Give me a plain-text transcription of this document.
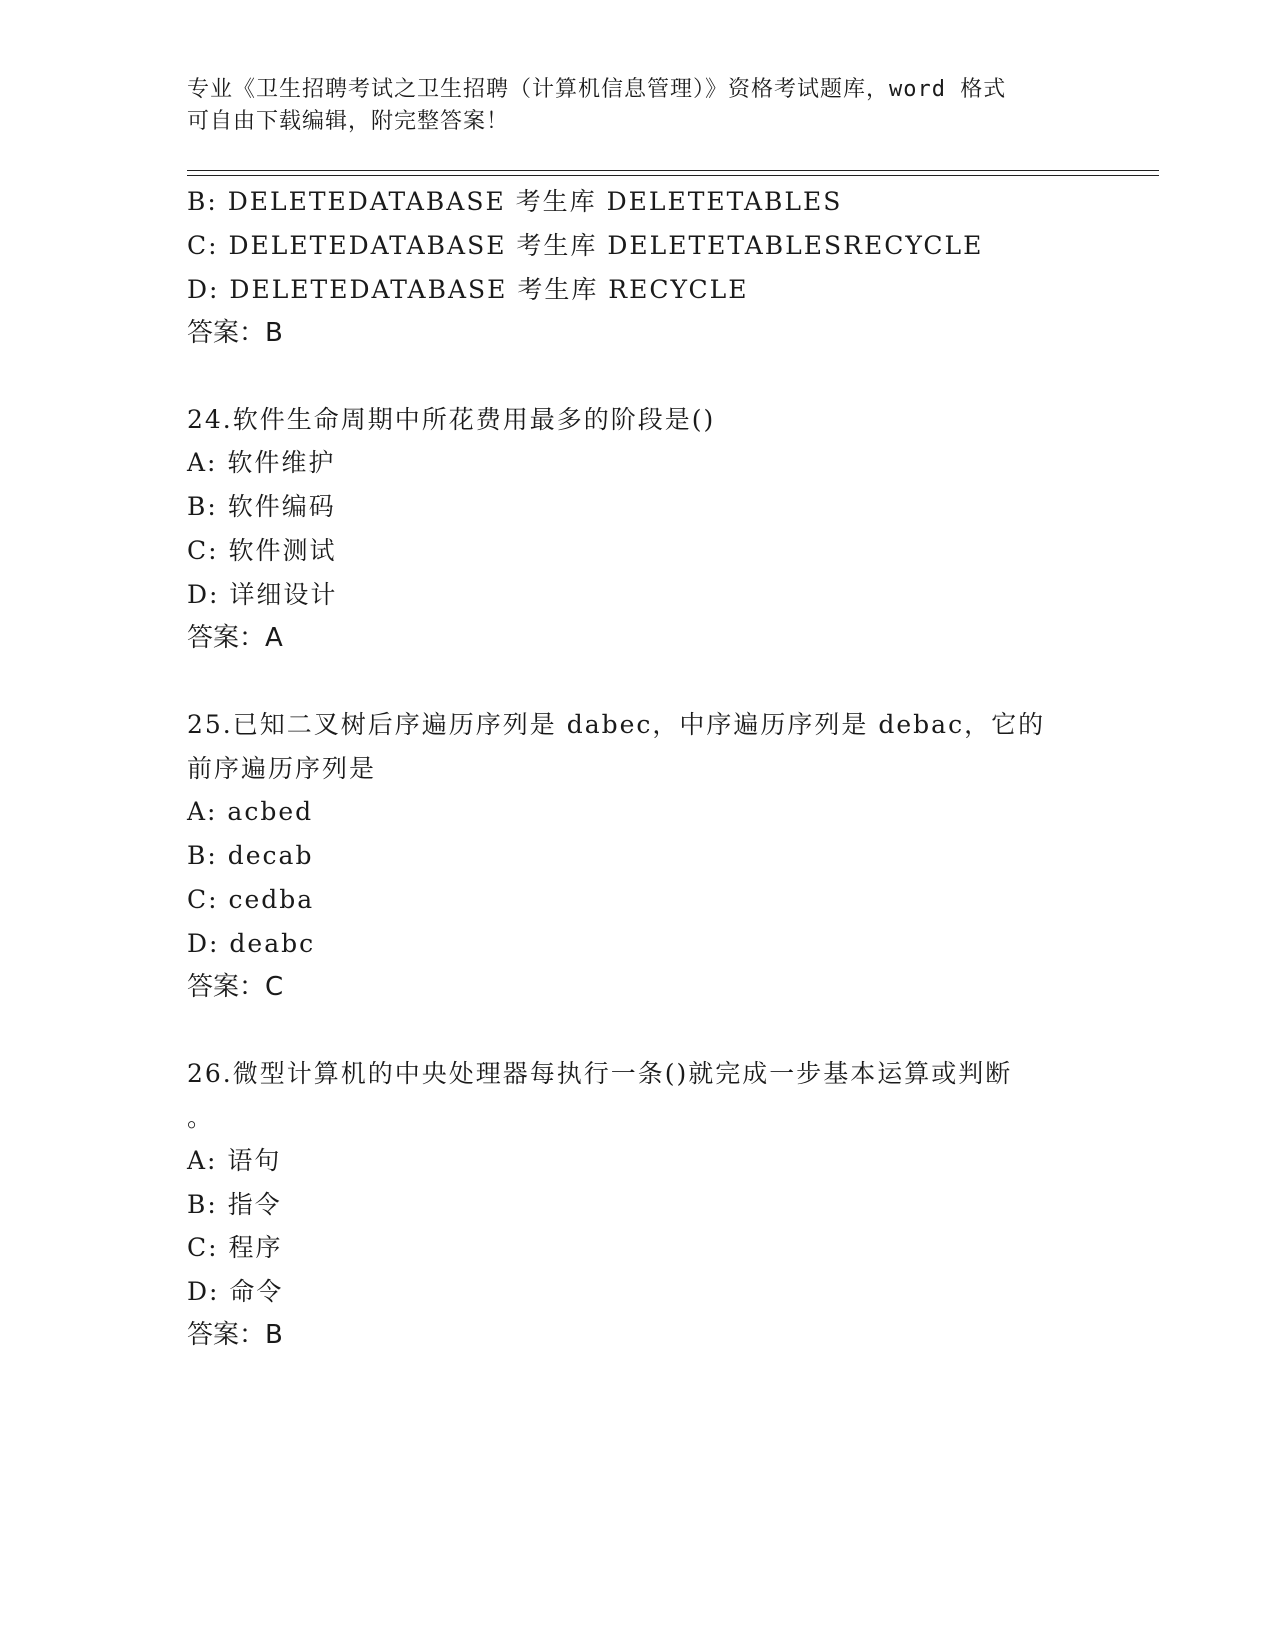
专业《卫生招聘考试之卫生招聘（计算机信息管理）》资格考试题库，word 格式
可自由下载编辑，附完整答案！
B: DELETEDATABASE 考生库 DELETETABLES
C: DELETEDATABASE 考生库 DELETETABLESRECYCLE
D: DELETEDATABASE 考生库 RECYCLE
答案：B
24.软件生命周期中所花费用最多的阶段是()
A: 软件维护
B: 软件编码
C: 软件测试
D: 详细设计
答案：A
25.已知二叉树后序遍历序列是 dabec，中序遍历序列是 debac，它的
前序遍历序列是
A: acbed
B: decab
C: cedba
D: deabc
答案：C
26.微型计算机的中央处理器每执行一条()就完成一步基本运算或判断
。
A: 语句
B: 指令
C: 程序
D: 命令
答案：B
